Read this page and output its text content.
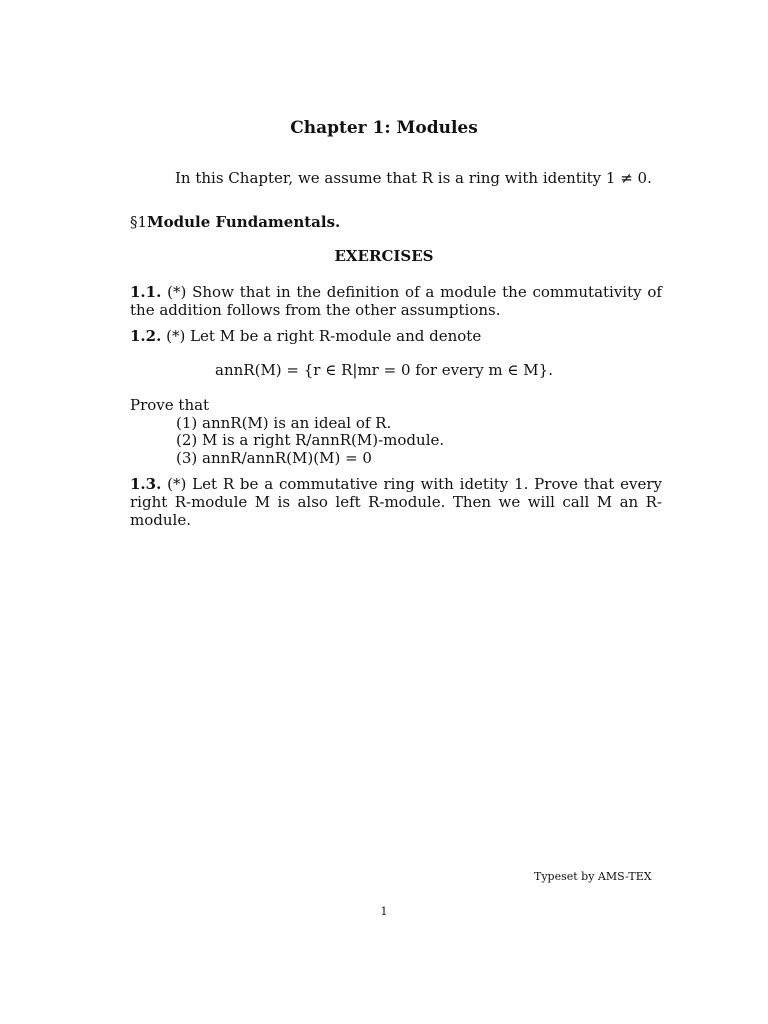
Chapter 1: Modules
In this Chapter, we assume that R is a ring with identity 1 ≠ 0.
§1Module Fundamentals.
EXERCISES
1.1. (*) Show that in the definition of a module the commutativity of the addition follows from the other assumptions.
1.2. (*) Let M be a right R-module and denote
annR(M) = {r ∈ R|mr = 0 for every m ∈ M}.
Prove that
(1) annR(M) is an ideal of R.
(2) M is a right R/annR(M)-module.
(3) annR/annR(M)(M) = 0
1.3. (*) Let R be a commutative ring with idetity 1. Prove that every right R-module M is also left R-module. Then we will call M an R-module.
Typeset by AMS-TEX
1
